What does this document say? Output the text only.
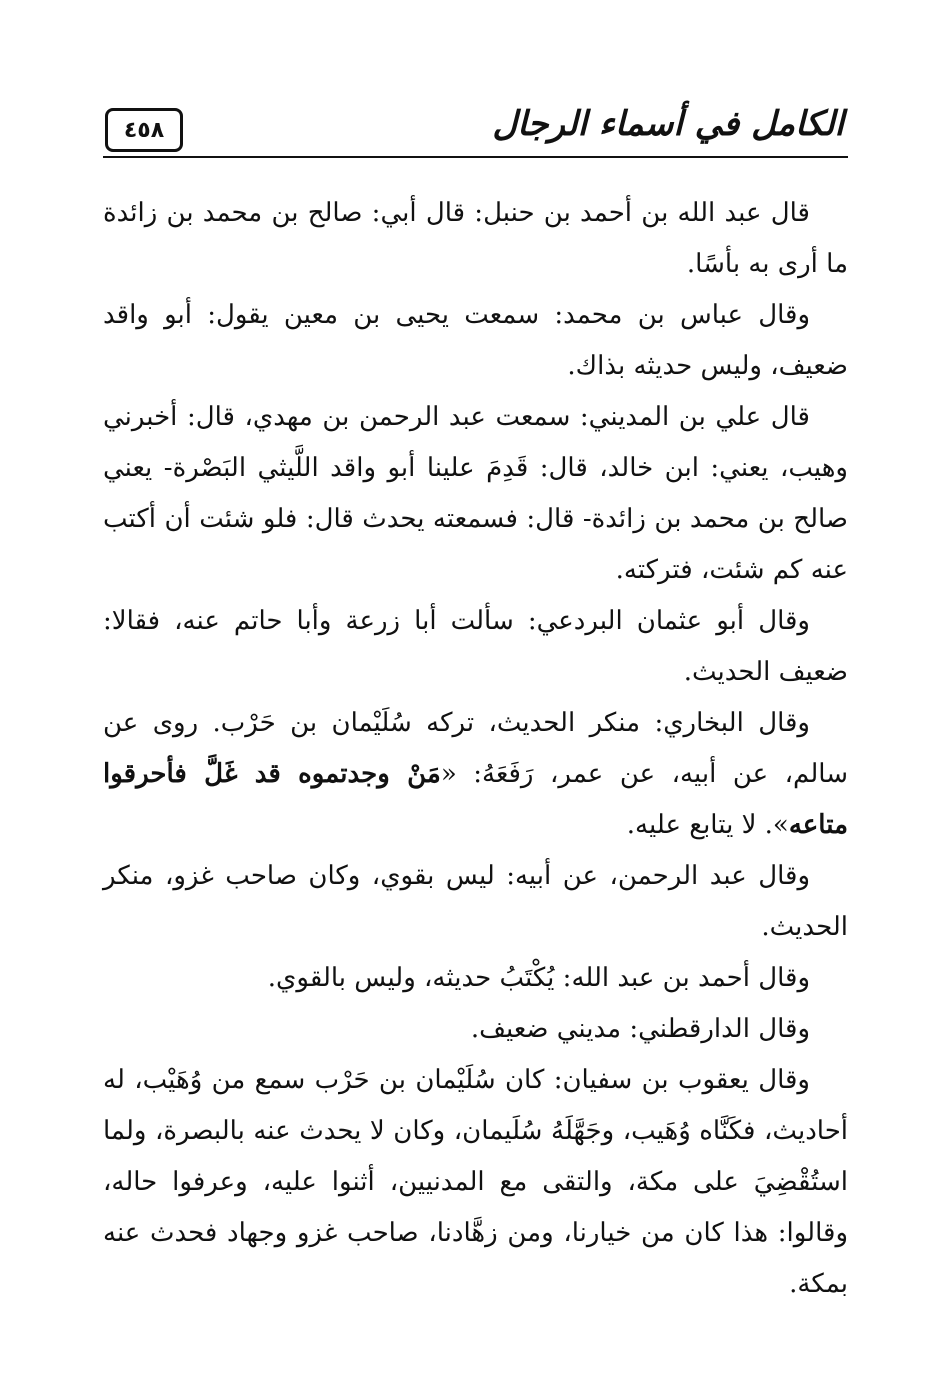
٤٥٨	الكامل في أسماء الرجال

قال عبد الله بن أحمد بن حنبل: قال أبي: صالح بن محمد بن زائدة ما أرى به بأسًا.

وقال عباس بن محمد: سمعت يحيى بن معين يقول: أبو واقد ضعيف، وليس حديثه بذاك.

قال علي بن المديني: سمعت عبد الرحمن بن مهدي، قال: أخبرني وهيب، يعني: ابن خالد، قال: قَدِمَ علينا أبو واقد اللَّيثي البَصْرة- يعني صالح بن محمد بن زائدة- قال: فسمعته يحدث قال: فلو شئت أن أكتب عنه كم شئت، فتركته.

وقال أبو عثمان البردعي: سألت أبا زرعة وأبا حاتم عنه، فقالا: ضعيف الحديث.

وقال البخاري: منكر الحديث، تركه سُلَيْمان بن حَرْب. روى عن سالم، عن أبيه، عن عمر، رَفَعَهُ: «مَنْ وجدتموه قد غَلَّ فأحرقوا متاعه». لا يتابع عليه.

وقال عبد الرحمن، عن أبيه: ليس بقوي، وكان صاحب غزو، منكر الحديث.

وقال أحمد بن عبد الله: يُكْتَبُ حديثه، وليس بالقوي.

وقال الدارقطني: مديني ضعيف.

وقال يعقوب بن سفيان: كان سُلَيْمان بن حَرْب سمع من وُهَيْب، له أحاديث، فكَنَّاه وُهَيب، وجَهَّلَهُ سُلَيمان، وكان لا يحدث عنه بالبصرة، ولما استُقْضِيَ على مكة، والتقى مع المدنيين، أثنوا عليه، وعرفوا حاله، وقالوا: هذا كان من خيارنا، ومن زهَّادنا، صاحب غزو وجهاد فحدث عنه بمكة.
